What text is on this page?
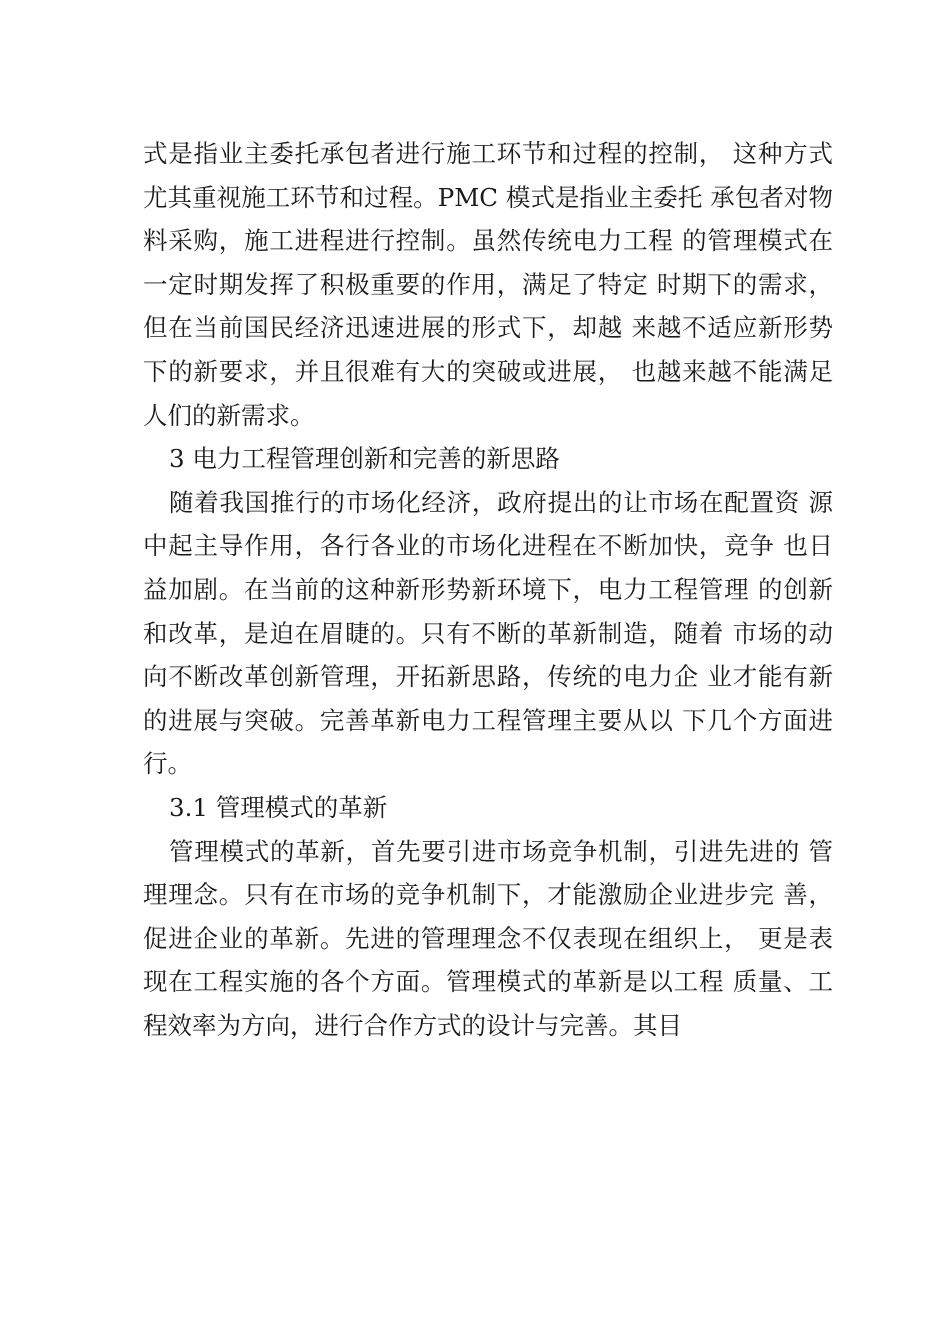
式是指业主委托承包者进行施工环节和过程的控制， 这种方式
尤其重视施工环节和过程。PMC 模式是指业主委托 承包者对物
料采购，施工进程进行控制。虽然传统电力工程 的管理模式在
一定时期发挥了积极重要的作用，满足了特定 时期下的需求，
但在当前国民经济迅速进展的形式下，却越 来越不适应新形势
下的新要求，并且很难有大的突破或进展， 也越来越不能满足
人们的新需求。
3 电力工程管理创新和完善的新思路
随着我国推行的市场化经济，政府提出的让市场在配置资 源
中起主导作用，各行各业的市场化进程在不断加快，竞争 也日
益加剧。在当前的这种新形势新环境下，电力工程管理 的创新
和改革，是迫在眉睫的。只有不断的革新制造，随着 市场的动
向不断改革创新管理，开拓新思路，传统的电力企 业才能有新
的进展与突破。完善革新电力工程管理主要从以 下几个方面进
行。
3.1 管理模式的革新
管理模式的革新，首先要引进市场竞争机制，引进先进的 管
理理念。只有在市场的竞争机制下，才能激励企业进步完 善，
促进企业的革新。先进的管理理念不仅表现在组织上， 更是表
现在工程实施的各个方面。管理模式的革新是以工程 质量、工
程效率为方向，进行合作方式的设计与完善。其目
